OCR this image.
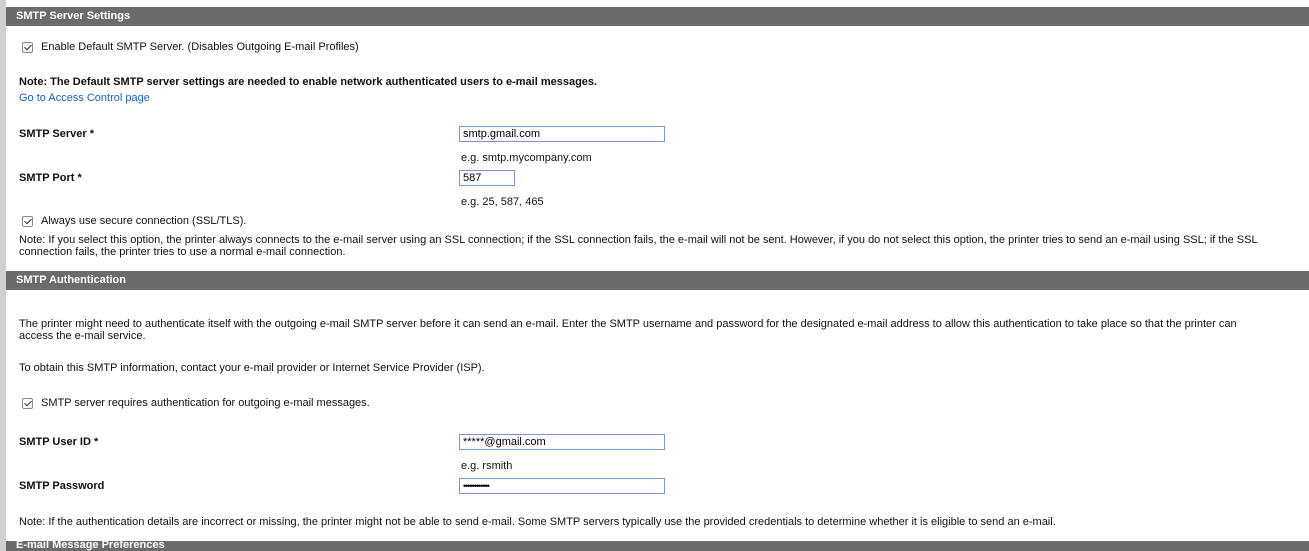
SMTP Server Settings
Enable Default SMTP Server. (Disables Outgoing E-mail Profiles)
Note: The Default SMTP server settings are needed to enable network authenticated users to e-mail messages.
Go to Access Control page
SMTP Server *	smtp.gmail.com
e.g. smtp.mycompany.com
SMTP Port *	587
e.g. 25, 587, 465
Always use secure connection (SSL/TLS).
Note: If you select this option, the printer always connects to the e-mail server using an SSL connection; if the SSL connection fails, the e-mail will not be sent. However, if you do not select this option, the printer tries to send an e-mail using SSL; if the SSL connection fails, the printer tries to use a normal e-mail connection.
SMTP Authentication
The printer might need to authenticate itself with the outgoing e-mail SMTP server before it can send an e-mail. Enter the SMTP username and password for the designated e-mail address to allow this authentication to take place so that the printer can access the e-mail service.
To obtain this SMTP information, contact your e-mail provider or Internet Service Provider (ISP).
SMTP server requires authentication for outgoing e-mail messages.
SMTP User ID *	*****@gmail.com
e.g. rsmith
SMTP Password	••••••••••••
Note: If the authentication details are incorrect or missing, the printer might not be able to send e-mail. Some SMTP servers typically use the provided credentials to determine whether it is eligible to send an e-mail.
E-mail Message Preferences
